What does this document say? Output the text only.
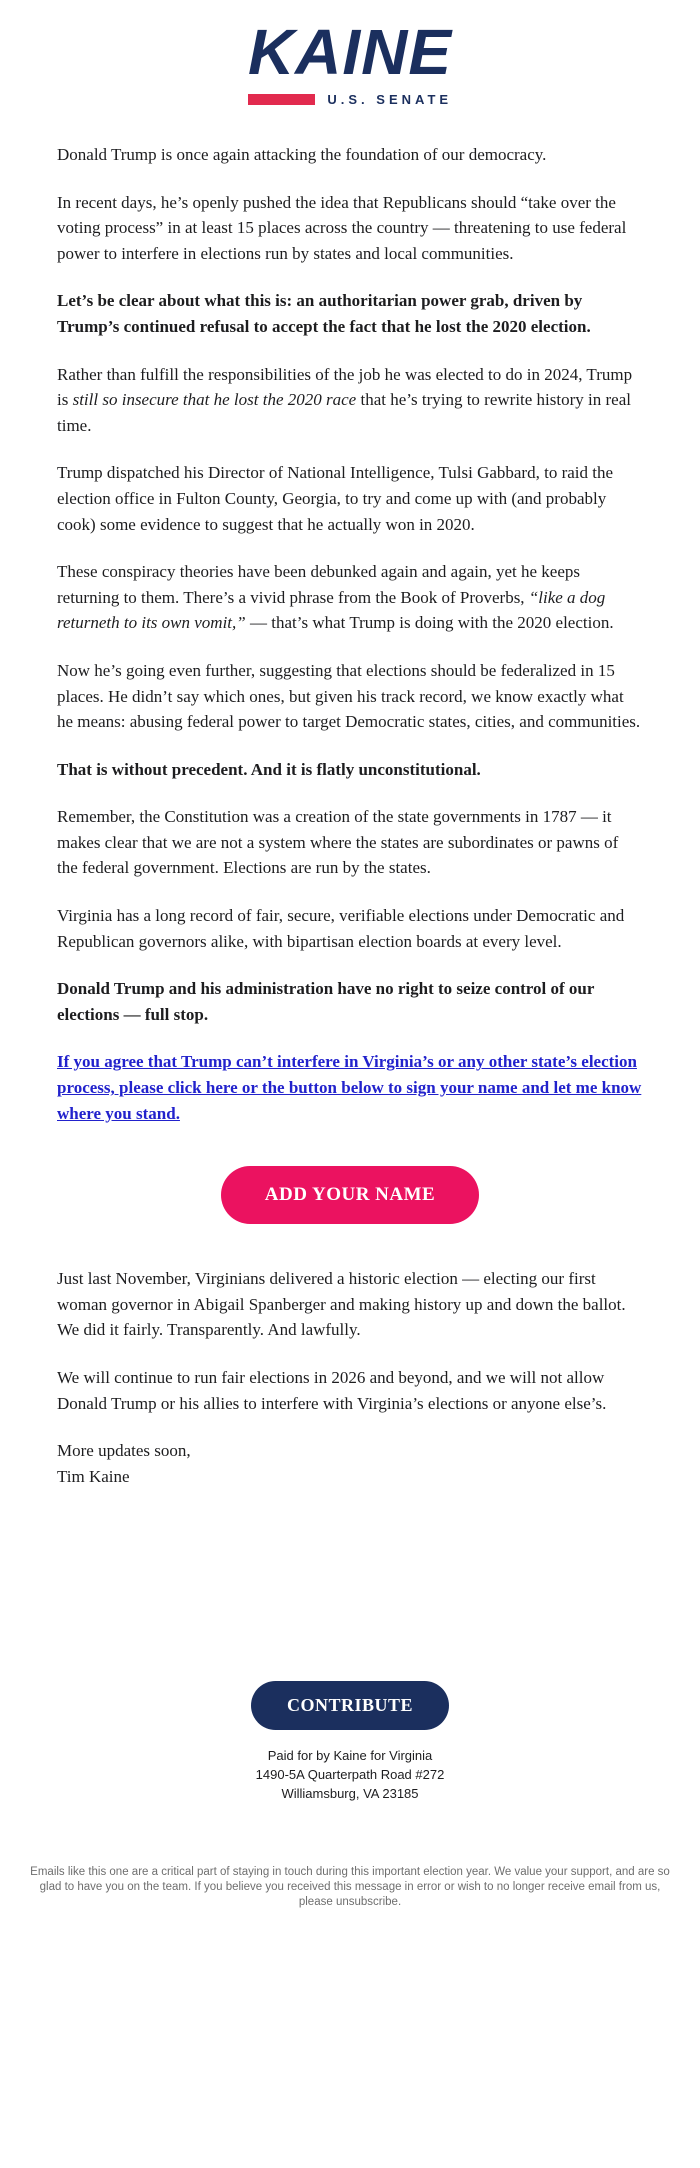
KAINE
U.S. SENATE

Donald Trump is once again attacking the foundation of our democracy.

In recent days, he’s openly pushed the idea that Republicans should “take over the voting process” in at least 15 places across the country — threatening to use federal power to interfere in elections run by states and local communities.

Let’s be clear about what this is: an authoritarian power grab, driven by Trump’s continued refusal to accept the fact that he lost the 2020 election.

Rather than fulfill the responsibilities of the job he was elected to do in 2024, Trump is still so insecure that he lost the 2020 race that he’s trying to rewrite history in real time.

Trump dispatched his Director of National Intelligence, Tulsi Gabbard, to raid the election office in Fulton County, Georgia, to try and come up with (and probably cook) some evidence to suggest that he actually won in 2020.

These conspiracy theories have been debunked again and again, yet he keeps returning to them. There’s a vivid phrase from the Book of Proverbs, “like a dog returneth to its own vomit,” — that’s what Trump is doing with the 2020 election.

Now he’s going even further, suggesting that elections should be federalized in 15 places. He didn’t say which ones, but given his track record, we know exactly what he means: abusing federal power to target Democratic states, cities, and communities.

That is without precedent. And it is flatly unconstitutional.

Remember, the Constitution was a creation of the state governments in 1787 — it makes clear that we are not a system where the states are subordinates or pawns of the federal government. Elections are run by the states.

Virginia has a long record of fair, secure, verifiable elections under Democratic and Republican governors alike, with bipartisan election boards at every level.

Donald Trump and his administration have no right to seize control of our elections — full stop.

If you agree that Trump can’t interfere in Virginia’s or any other state’s election process, please click here or the button below to sign your name and let me know where you stand.

ADD YOUR NAME

Just last November, Virginians delivered a historic election — electing our first woman governor in Abigail Spanberger and making history up and down the ballot. We did it fairly. Transparently. And lawfully.

We will continue to run fair elections in 2026 and beyond, and we will not allow Donald Trump or his allies to interfere with Virginia’s elections or anyone else’s.

More updates soon,
Tim Kaine

CONTRIBUTE
Paid for by Kaine for Virginia
1490-5A Quarterpath Road #272
Williamsburg, VA 23185
Emails like this one are a critical part of staying in touch during this important election year. We value your support, and are so glad to have you on the team. If you believe you received this message in error or wish to no longer receive email from us, please unsubscribe.
